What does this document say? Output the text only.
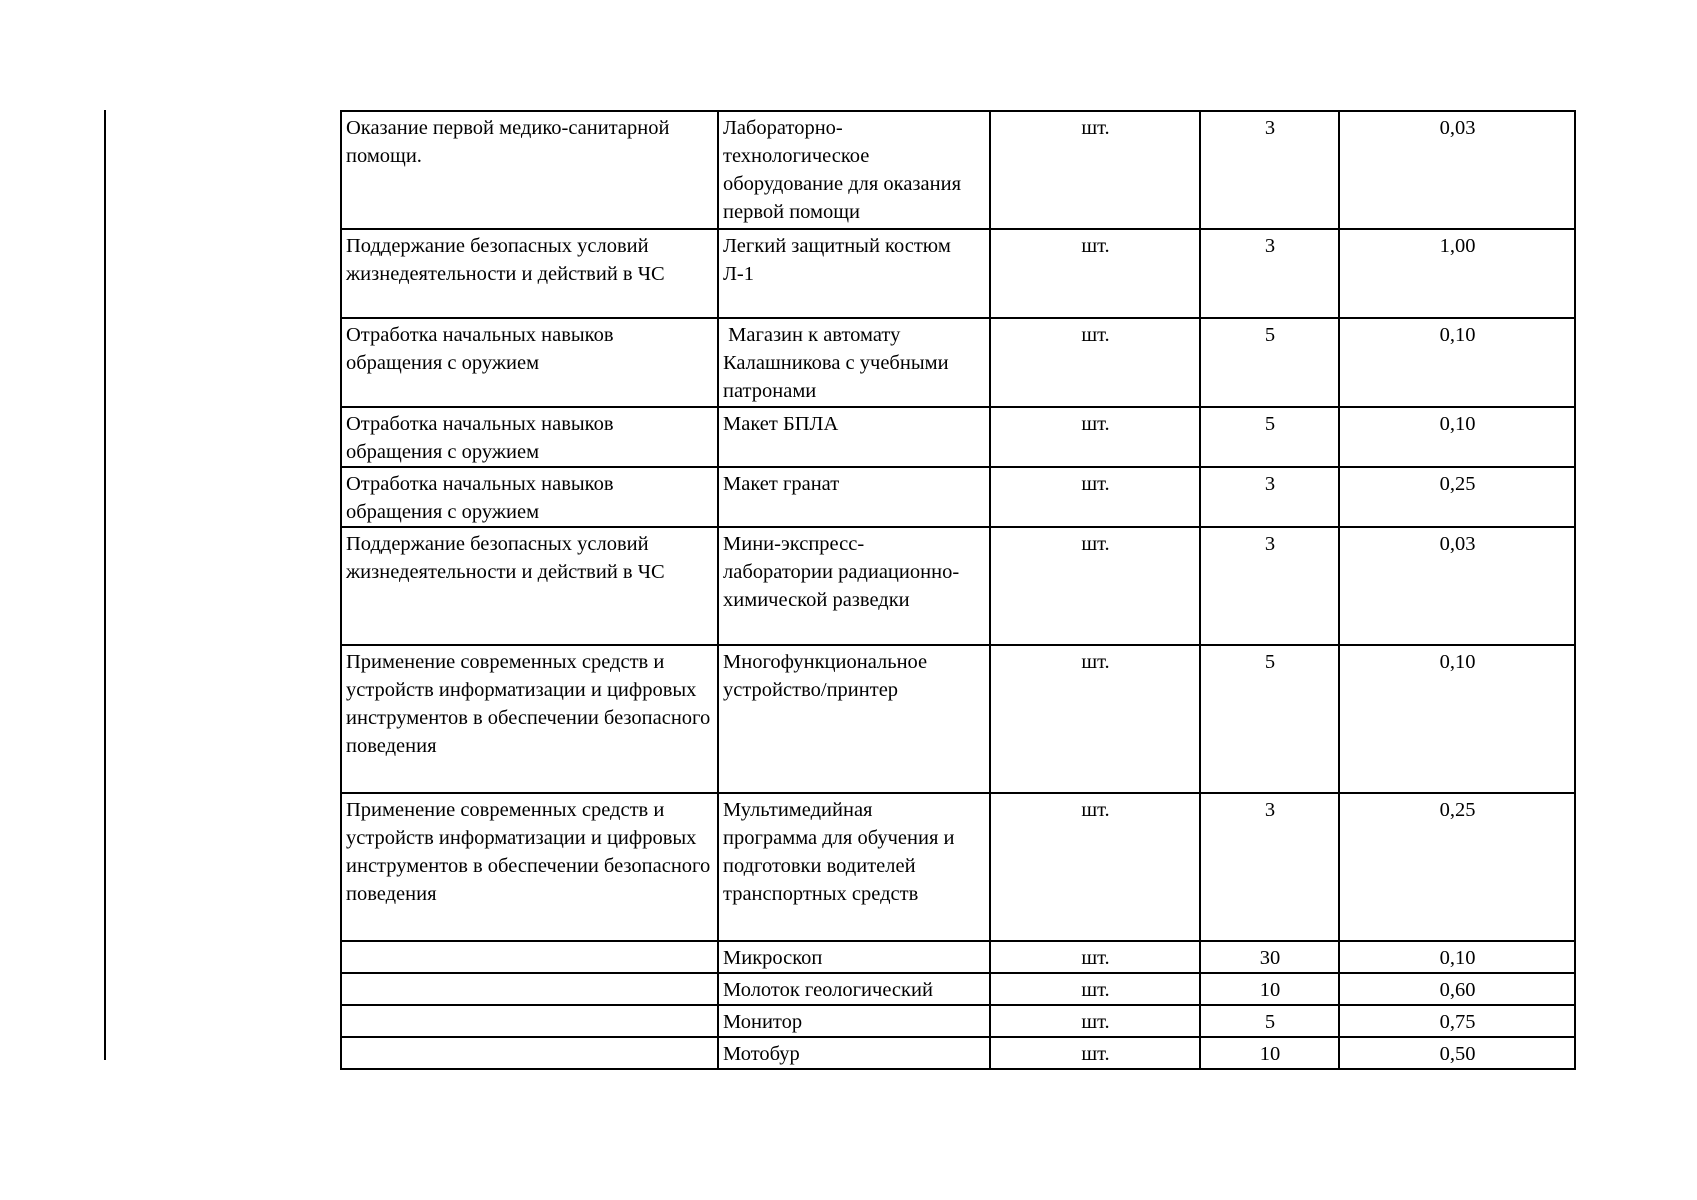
Оказание первой медико-санитарной помощи.	Лабораторно-
технологическое
оборудование для оказания
первой помощи	шт.	3	0,03
Поддержание безопасных условий жизнедеятельности и действий в ЧС	Легкий защитный костюм
Л-1	шт.	3	1,00
Отработка начальных навыков обращения с оружием	Магазин к автомату
Калашникова с учебными
патронами	шт.	5	0,10
Отработка начальных навыков обращения с оружием	Макет БПЛА	шт.	5	0,10
Отработка начальных навыков обращения с оружием	Макет гранат	шт.	3	0,25
Поддержание безопасных условий жизнедеятельности и действий в ЧС	Мини-экспресс-
лаборатории радиационно-
химической разведки	шт.	3	0,03
Применение современных средств и устройств информатизации и цифровых инструментов в обеспечении безопасного поведения	Многофункциональное
устройство/принтер	шт.	5	0,10
Применение современных средств и устройств информатизации и цифровых инструментов в обеспечении безопасного поведения	Мультимедийная
программа для обучения и
подготовки водителей
транспортных средств	шт.	3	0,25
	Микроскоп	шт.	30	0,10
	Молоток геологический	шт.	10	0,60
	Монитор	шт.	5	0,75
	Мотобур	шт.	10	0,50
